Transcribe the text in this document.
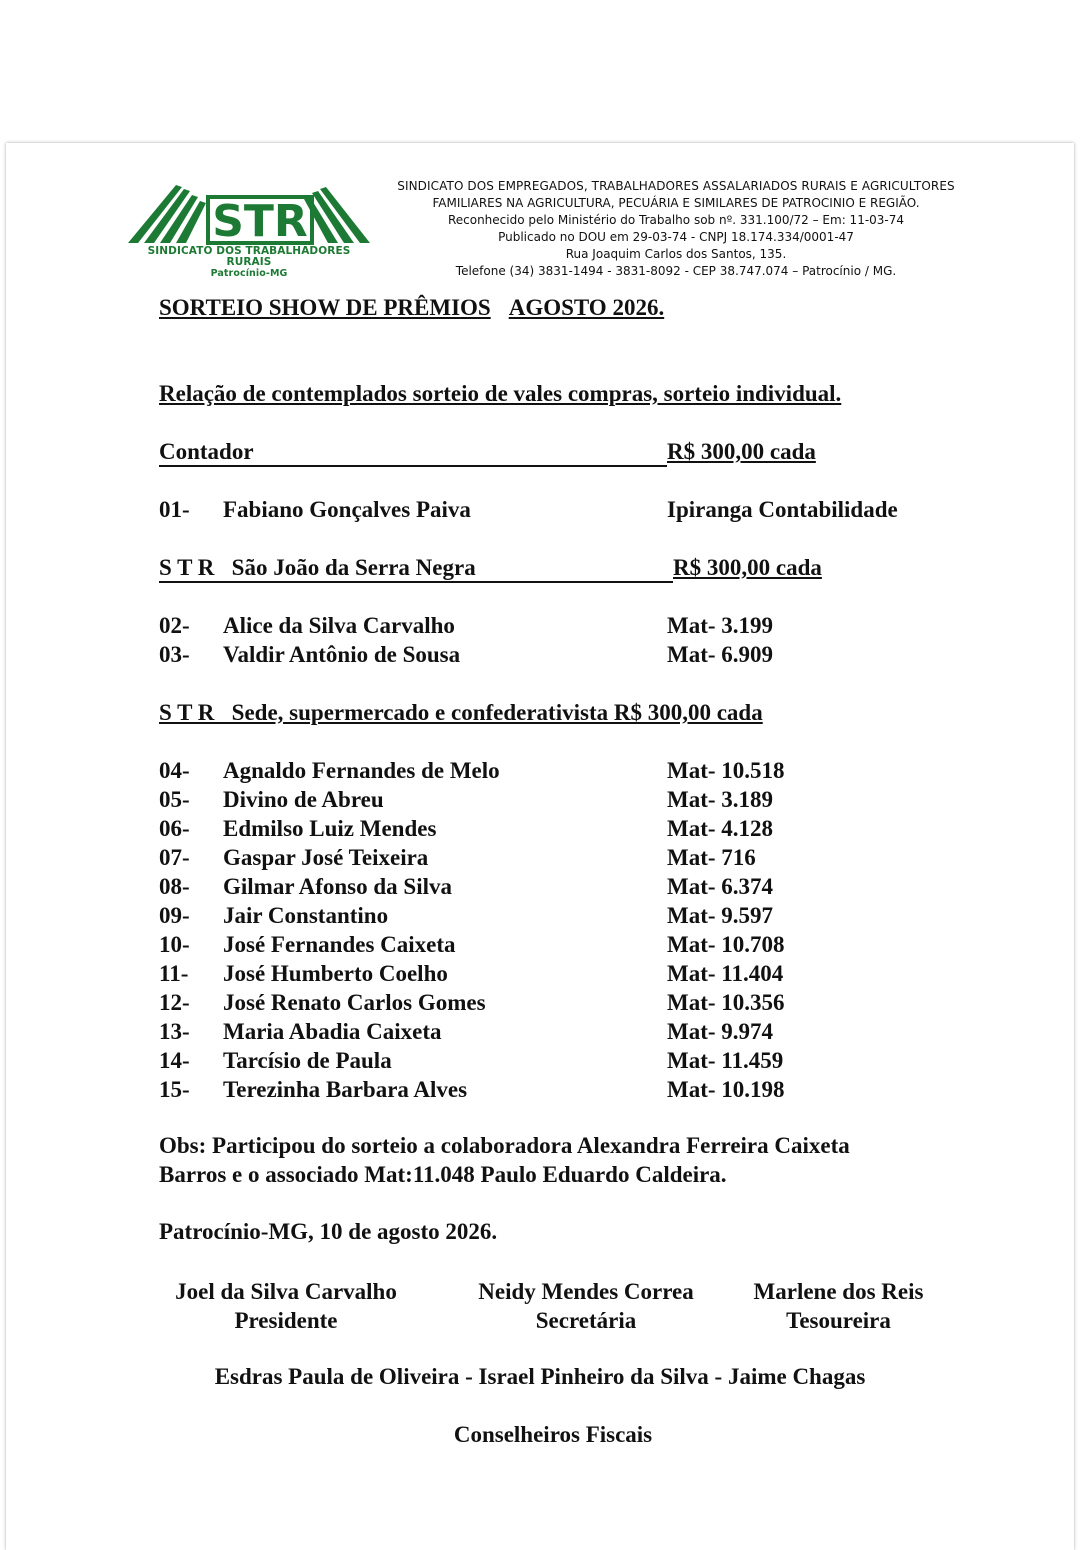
STR
SINDICATO DOS TRABALHADORES RURAIS
Patrocínio-MG
SINDICATO DOS EMPREGADOS, TRABALHADORES ASSALARIADOS RURAIS E AGRICULTORES
FAMILIARES NA AGRICULTURA, PECUÁRIA E SIMILARES DE PATROCINIO E REGIÃO.
Reconhecido pelo Ministério do Trabalho sob nº. 331.100/72 – Em: 11-03-74
Publicado no DOU em 29-03-74 - CNPJ 18.174.334/0001-47
Rua Joaquim Carlos dos Santos, 135.
Telefone (34) 3831-1494 - 3831-8092 - CEP 38.747.074 – Patrocínio / MG.
SORTEIO SHOW DE PRÊMIOS AGOSTO 2026.
Relação de contemplados sorteio de vales compras, sorteio individual.
Contador	R$ 300,00 cada
01- Fabiano Gonçalves Paiva	Ipiranga Contabilidade
S T R   São João da Serra Negra	R$ 300,00 cada
02- Alice da Silva Carvalho	Mat- 3.199
03- Valdir Antônio de Sousa	Mat- 6.909
S T R   Sede, supermercado e confederativista R$ 300,00 cada
04- Agnaldo Fernandes de Melo	Mat- 10.518
05- Divino de Abreu	Mat- 3.189
06- Edmilso Luiz Mendes	Mat- 4.128
07- Gaspar José Teixeira	Mat- 716
08- Gilmar Afonso da Silva	Mat- 6.374
09- Jair Constantino	Mat- 9.597
10- José Fernandes Caixeta	Mat- 10.708
11- José Humberto Coelho	Mat- 11.404
12- José Renato Carlos Gomes	Mat- 10.356
13- Maria Abadia Caixeta	Mat- 9.974
14- Tarcísio de Paula	Mat- 11.459
15- Terezinha Barbara Alves	Mat- 10.198
Obs: Participou do sorteio a colaboradora Alexandra Ferreira Caixeta
Barros e o associado Mat:11.048 Paulo Eduardo Caldeira.
Patrocínio-MG, 10 de agosto 2026.
Joel da Silva Carvalho
Presidente
Neidy Mendes Correa
Secretária
Marlene dos Reis
Tesoureira
Esdras Paula de Oliveira - Israel Pinheiro da Silva - Jaime Chagas
Conselheiros Fiscais
